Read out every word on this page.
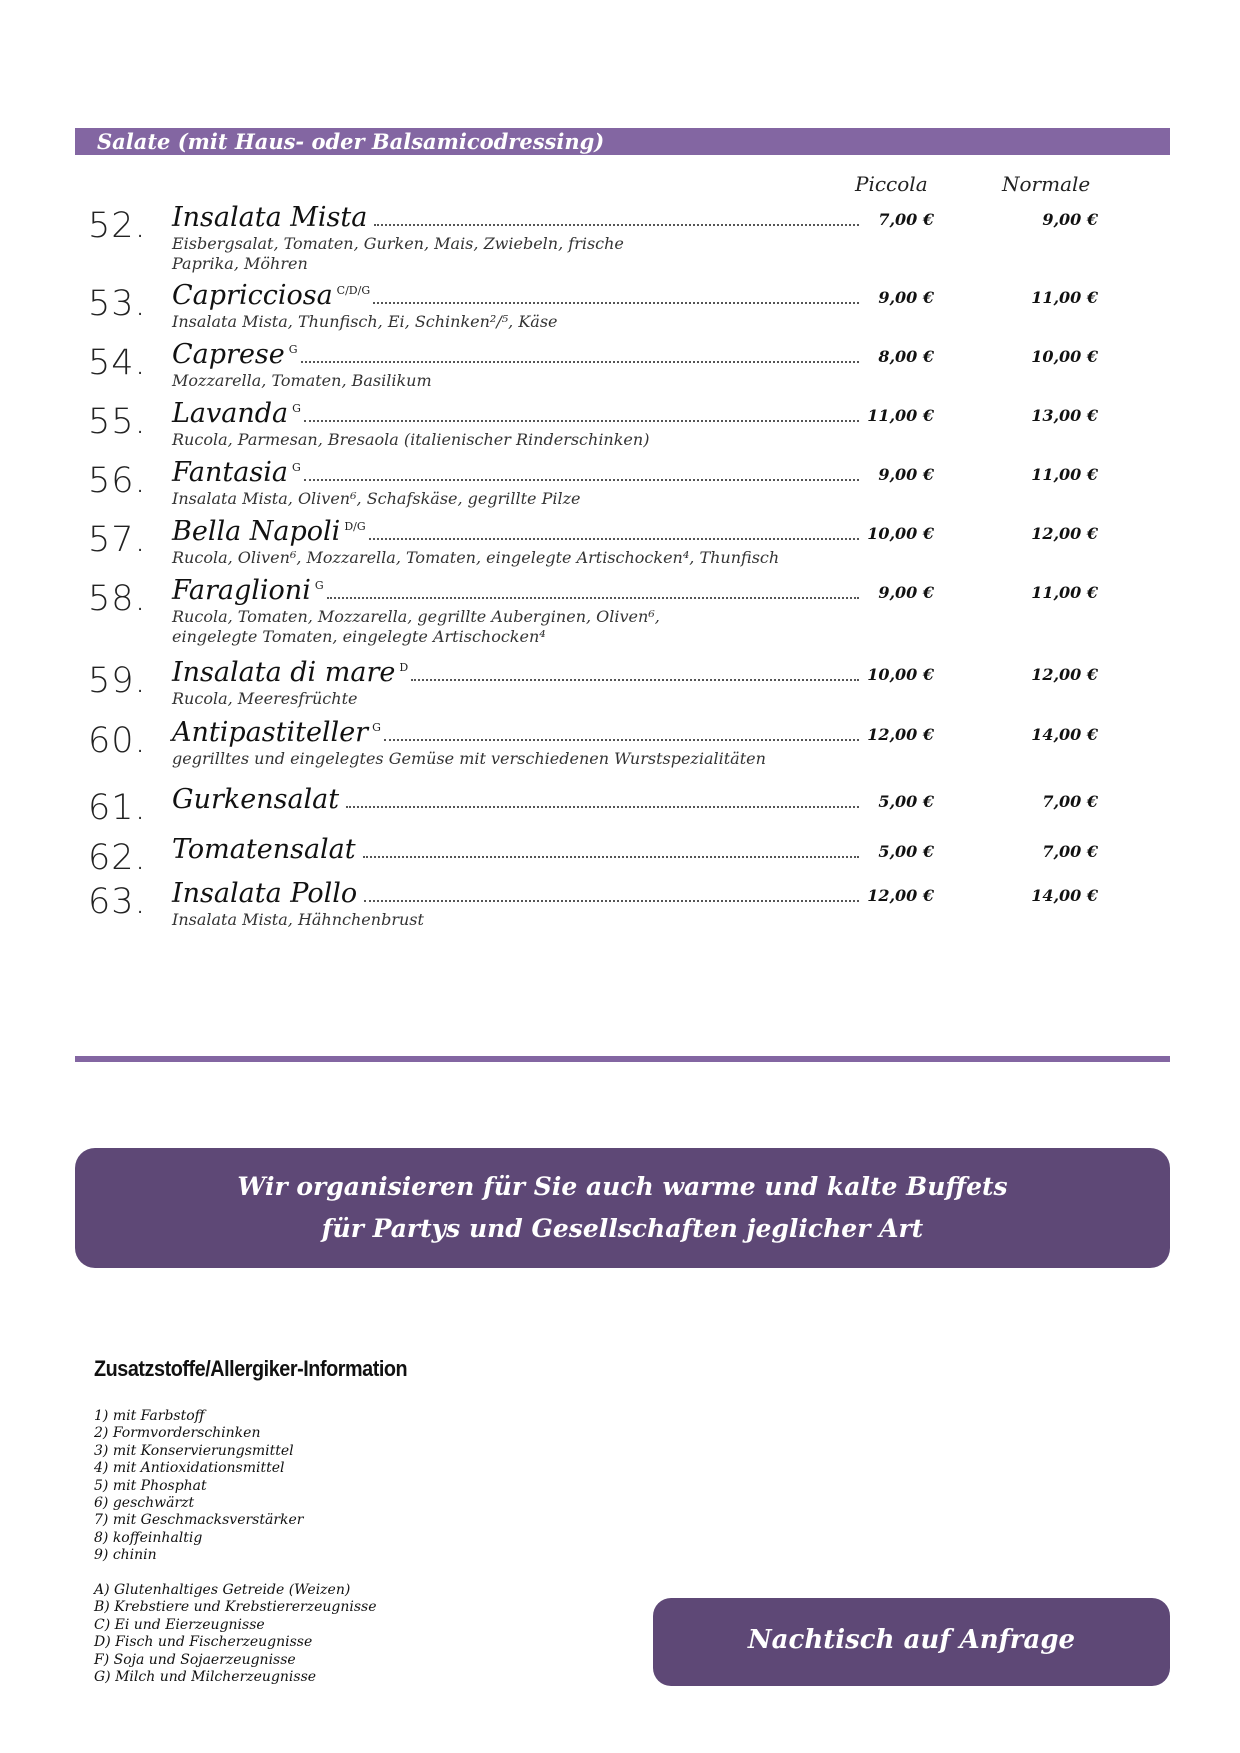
Salate (mit Haus- oder Balsamicodressing)
Piccola	Normale
52. Insalata Mista	7,00 €	9,00 €
Eisbergsalat, Tomaten, Gurken, Mais, Zwiebeln, frische
Paprika, Möhren
53. Capricciosa C/D/G	9,00 €	11,00 €
Insalata Mista, Thunfisch, Ei, Schinken²/⁵, Käse
54. Caprese G	8,00 €	10,00 €
Mozzarella, Tomaten, Basilikum
55. Lavanda G	11,00 €	13,00 €
Rucola, Parmesan, Bresaola (italienischer Rinderschinken)
56. Fantasia G	9,00 €	11,00 €
Insalata Mista, Oliven⁶, Schafskäse, gegrillte Pilze
57. Bella Napoli D/G	10,00 €	12,00 €
Rucola, Oliven⁶, Mozzarella, Tomaten, eingelegte Artischocken⁴, Thunfisch
58. Faraglioni G	9,00 €	11,00 €
Rucola, Tomaten, Mozzarella, gegrillte Auberginen, Oliven⁶,
eingelegte Tomaten, eingelegte Artischocken⁴
59. Insalata di mare D	10,00 €	12,00 €
Rucola, Meeresfrüchte
60. Antipastiteller G	12,00 €	14,00 €
gegrilltes und eingelegtes Gemüse mit verschiedenen Wurstspezialitäten
61. Gurkensalat	5,00 €	7,00 €
62. Tomatensalat	5,00 €	7,00 €
63. Insalata Pollo	12,00 €	14,00 €
Insalata Mista, Hähnchenbrust
Wir organisieren für Sie auch warme und kalte Buffets
für Partys und Gesellschaften jeglicher Art
Zusatzstoffe/Allergiker-Information
1) mit Farbstoff
2) Formvorderschinken
3) mit Konservierungsmittel
4) mit Antioxidationsmittel
5) mit Phosphat
6) geschwärzt
7) mit Geschmacksverstärker
8) koffeinhaltig
9) chinin
A) Glutenhaltiges Getreide (Weizen)
B) Krebstiere und Krebstiererzeugnisse
C) Ei und Eierzeugnisse
D) Fisch und Fischerzeugnisse
F) Soja und Sojaerzeugnisse
G) Milch und Milcherzeugnisse
Nachtisch auf Anfrage
